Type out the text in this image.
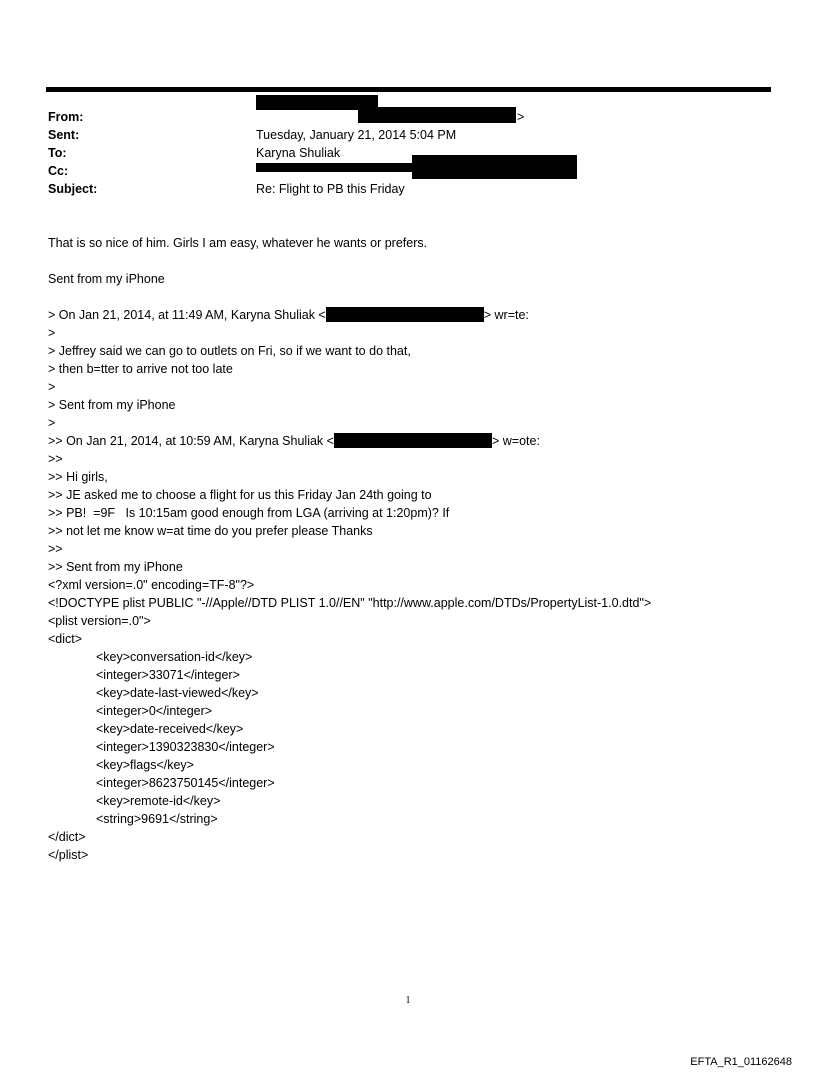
From:	>
Sent:	Tuesday, January 21, 2014 5:04 PM
To:	Karyna Shuliak
Cc:
Subject:	Re: Flight to PB this Friday
That is so nice of him. Girls I am easy, whatever he wants or prefers.
Sent from my iPhone
> On Jan 21, 2014, at 11:49 AM, Karyna Shuliak <	> wr=te:
>
> Jeffrey said we can go to outlets on Fri, so if we want to do that,
> then b=tter to arrive not too late
>
> Sent from my iPhone
>
>> On Jan 21, 2014, at 10:59 AM, Karyna Shuliak <	> w=ote:
>>
>> Hi girls,
>> JE asked me to choose a flight for us this Friday Jan 24th going to
>> PB!  =9F   Is 10:15am good enough from LGA (arriving at 1:20pm)? If
>> not let me know w=at time do you prefer please Thanks
>>
>> Sent from my iPhone
<?xml version=.0" encoding=TF-8"?>
<!DOCTYPE plist PUBLIC "-//Apple//DTD PLIST 1.0//EN" "http://www.apple.com/DTDs/PropertyList-1.0.dtd">
<plist version=.0">
<dict>
<key>conversation-id</key>
<integer>33071</integer>
<key>date-last-viewed</key>
<integer>0</integer>
<key>date-received</key>
<integer>1390323830</integer>
<key>flags</key>
<integer>8623750145</integer>
<key>remote-id</key>
<string>9691</string>
</dict>
</plist>
1
EFTA_R1_01162648
